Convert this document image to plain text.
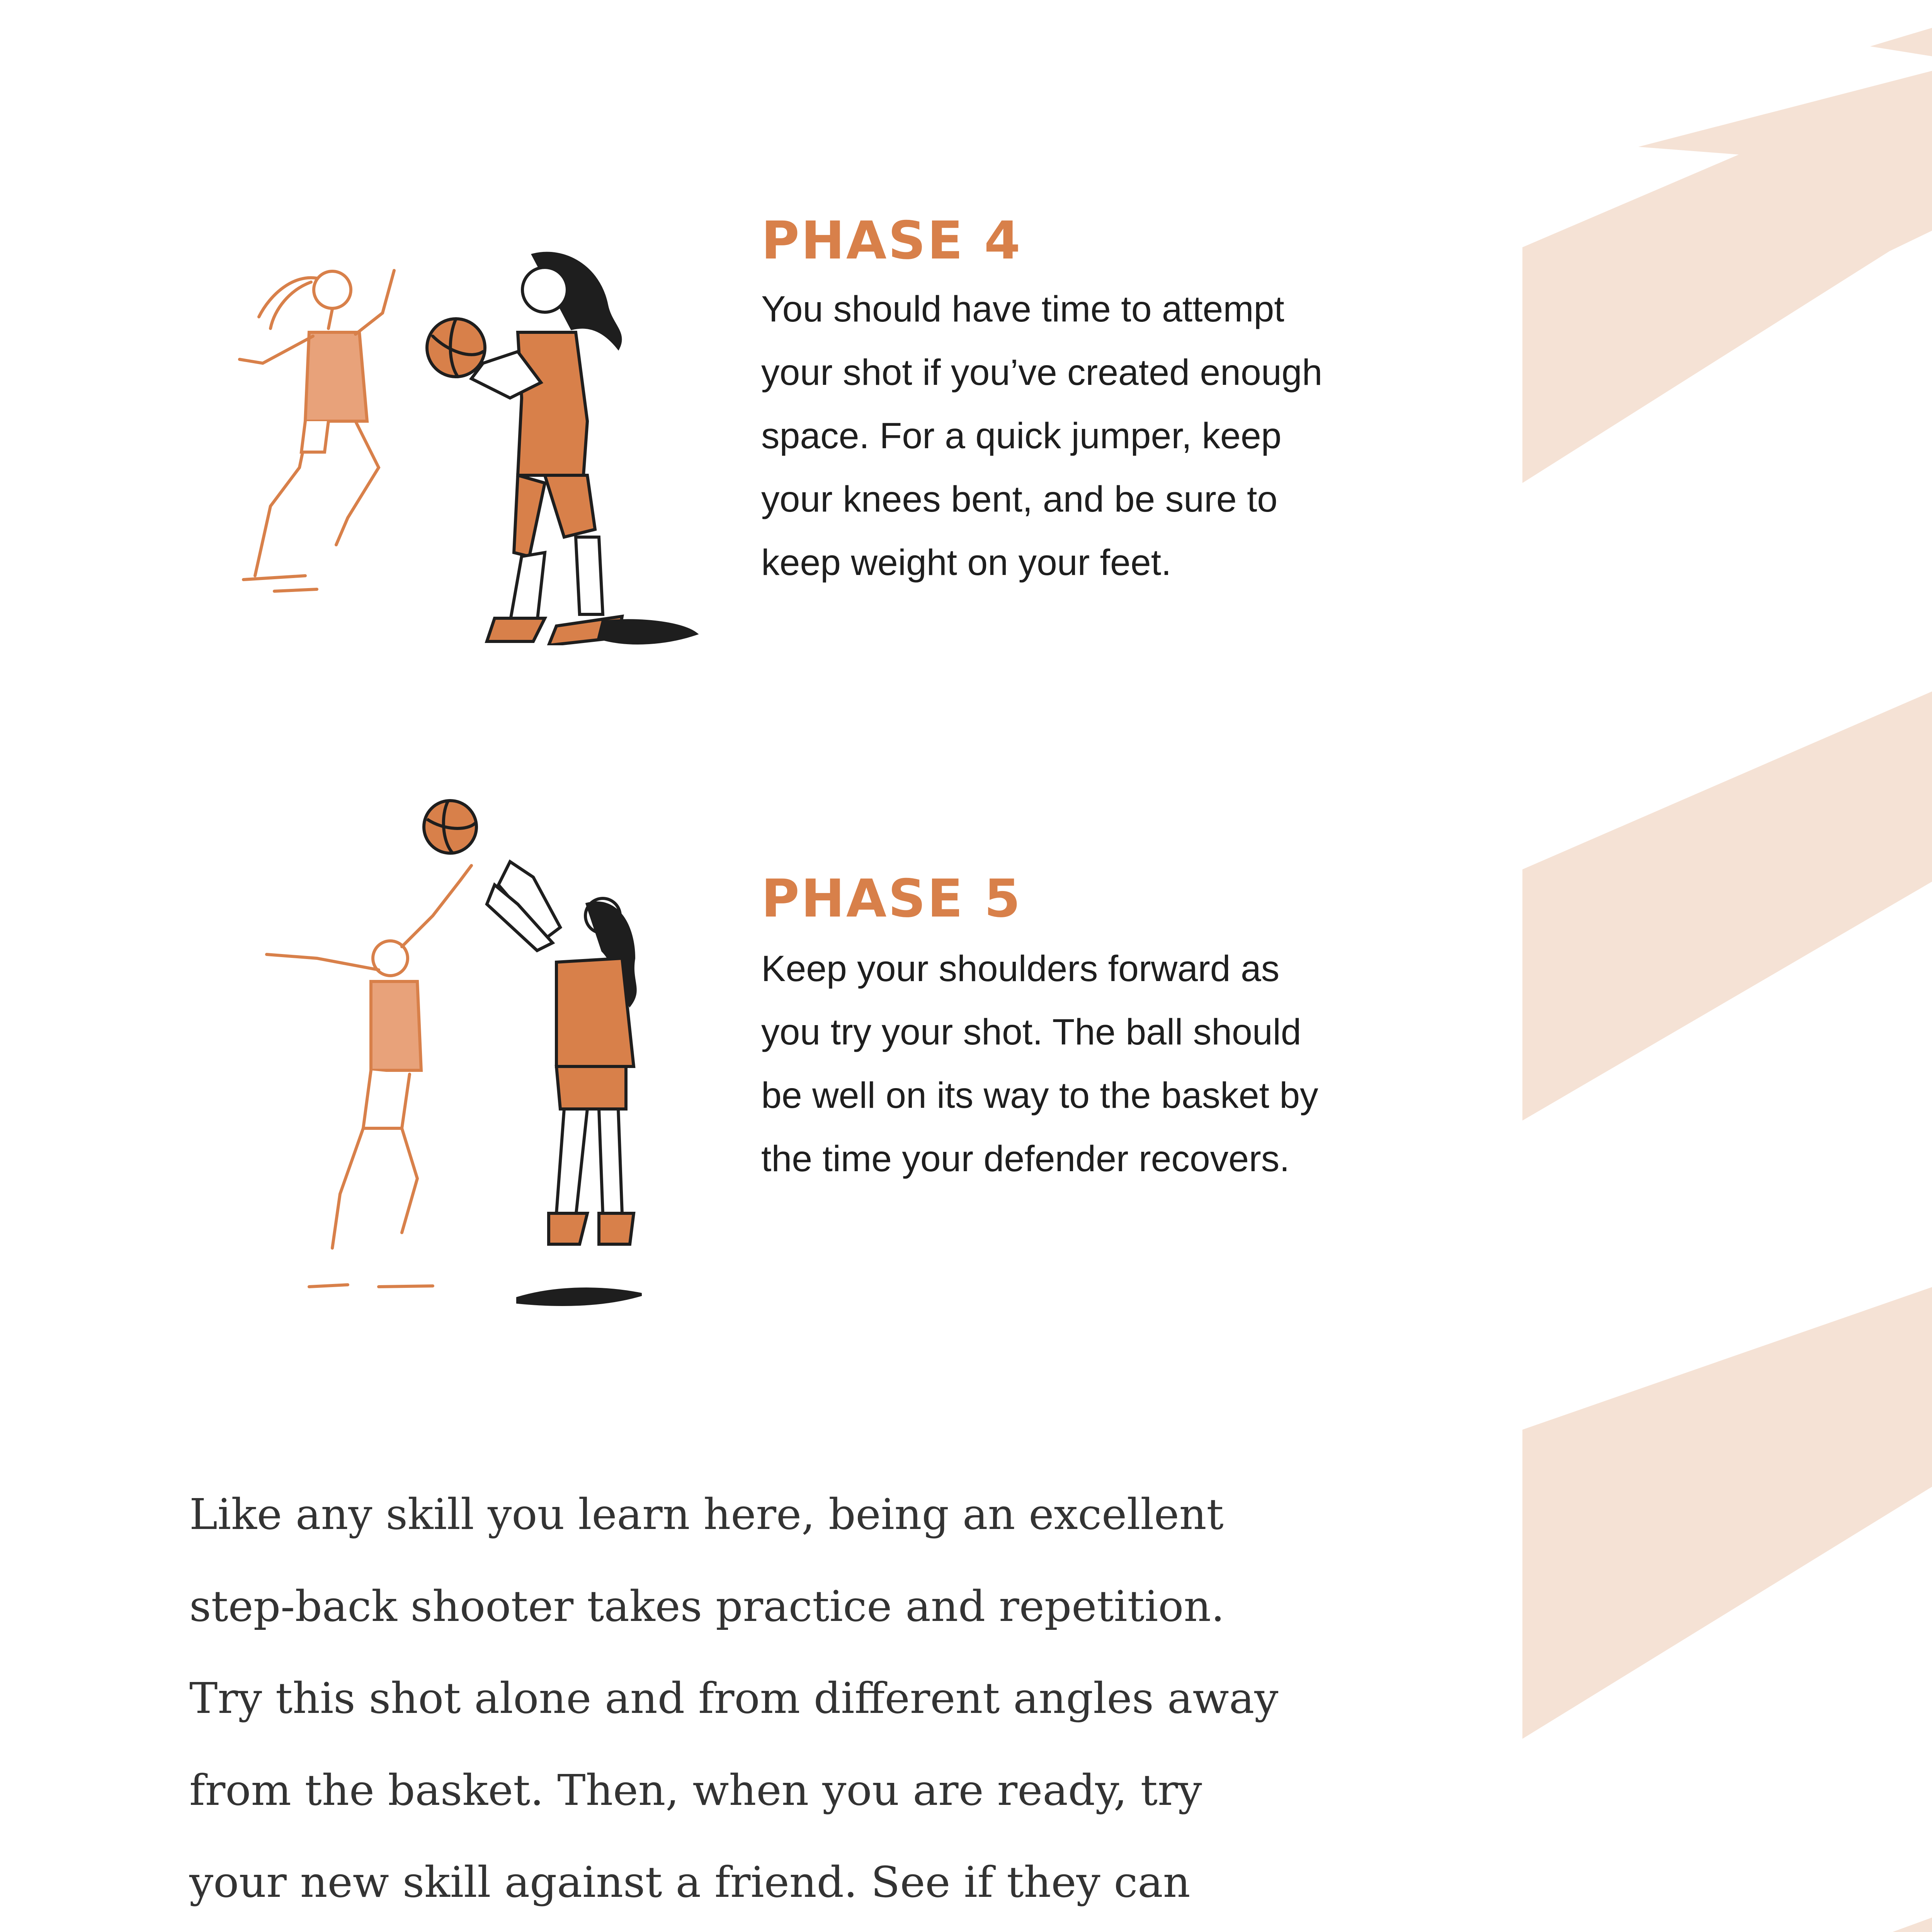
PHASE 4

You should have time to attempt your shot if you’ve created enough space. For a quick jumper, keep your knees bent, and be sure to keep weight on your feet.

PHASE 5

Keep your shoulders forward as you try your shot. The ball should be well on its way to the basket by the time your defender recovers.

Like any skill you learn here, being an excellent step-back shooter takes practice and repetition. Try this shot alone and from different angles away from the basket. Then, when you are ready, try your new skill against a friend. See if they can
